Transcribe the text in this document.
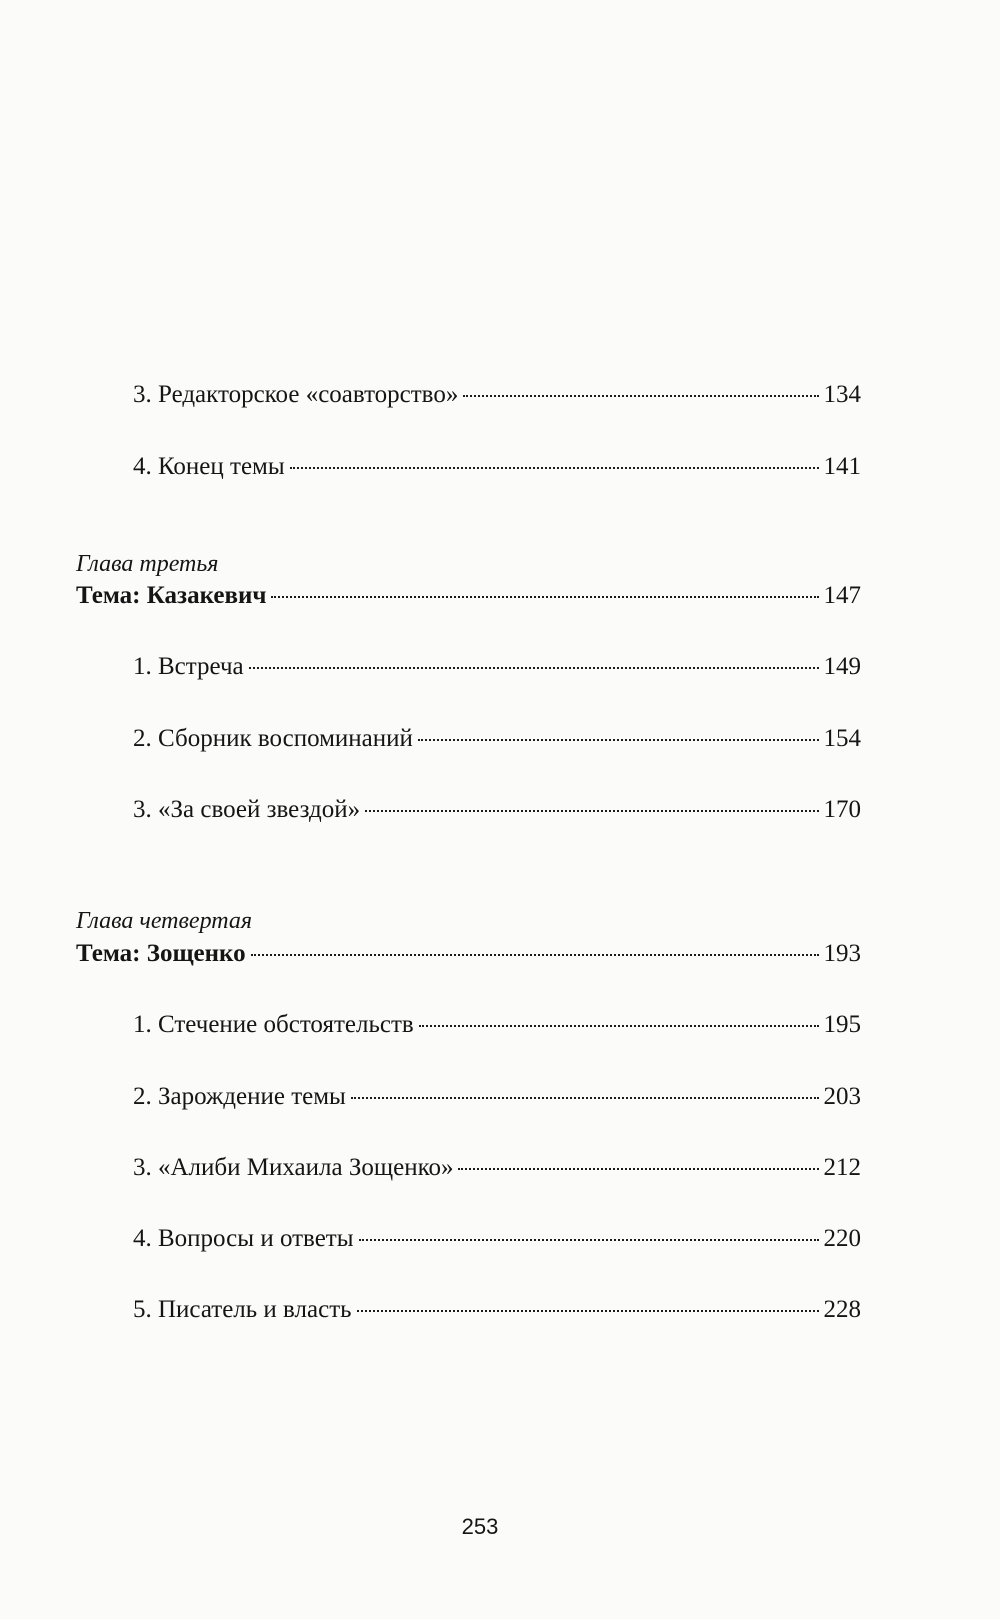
3. Редакторское «соавторство»	134
4. Конец темы	141
Глава третья
Тема: Казакевич	147
1. Встреча	149
2. Сборник воспоминаний	154
3. «За своей звездой»	170
Глава четвертая
Тема: Зощенко	193
1. Стечение обстоятельств	195
2. Зарождение темы	203
3. «Алиби Михаила Зощенко»	212
4. Вопросы и ответы	220
5. Писатель и власть	228
253
